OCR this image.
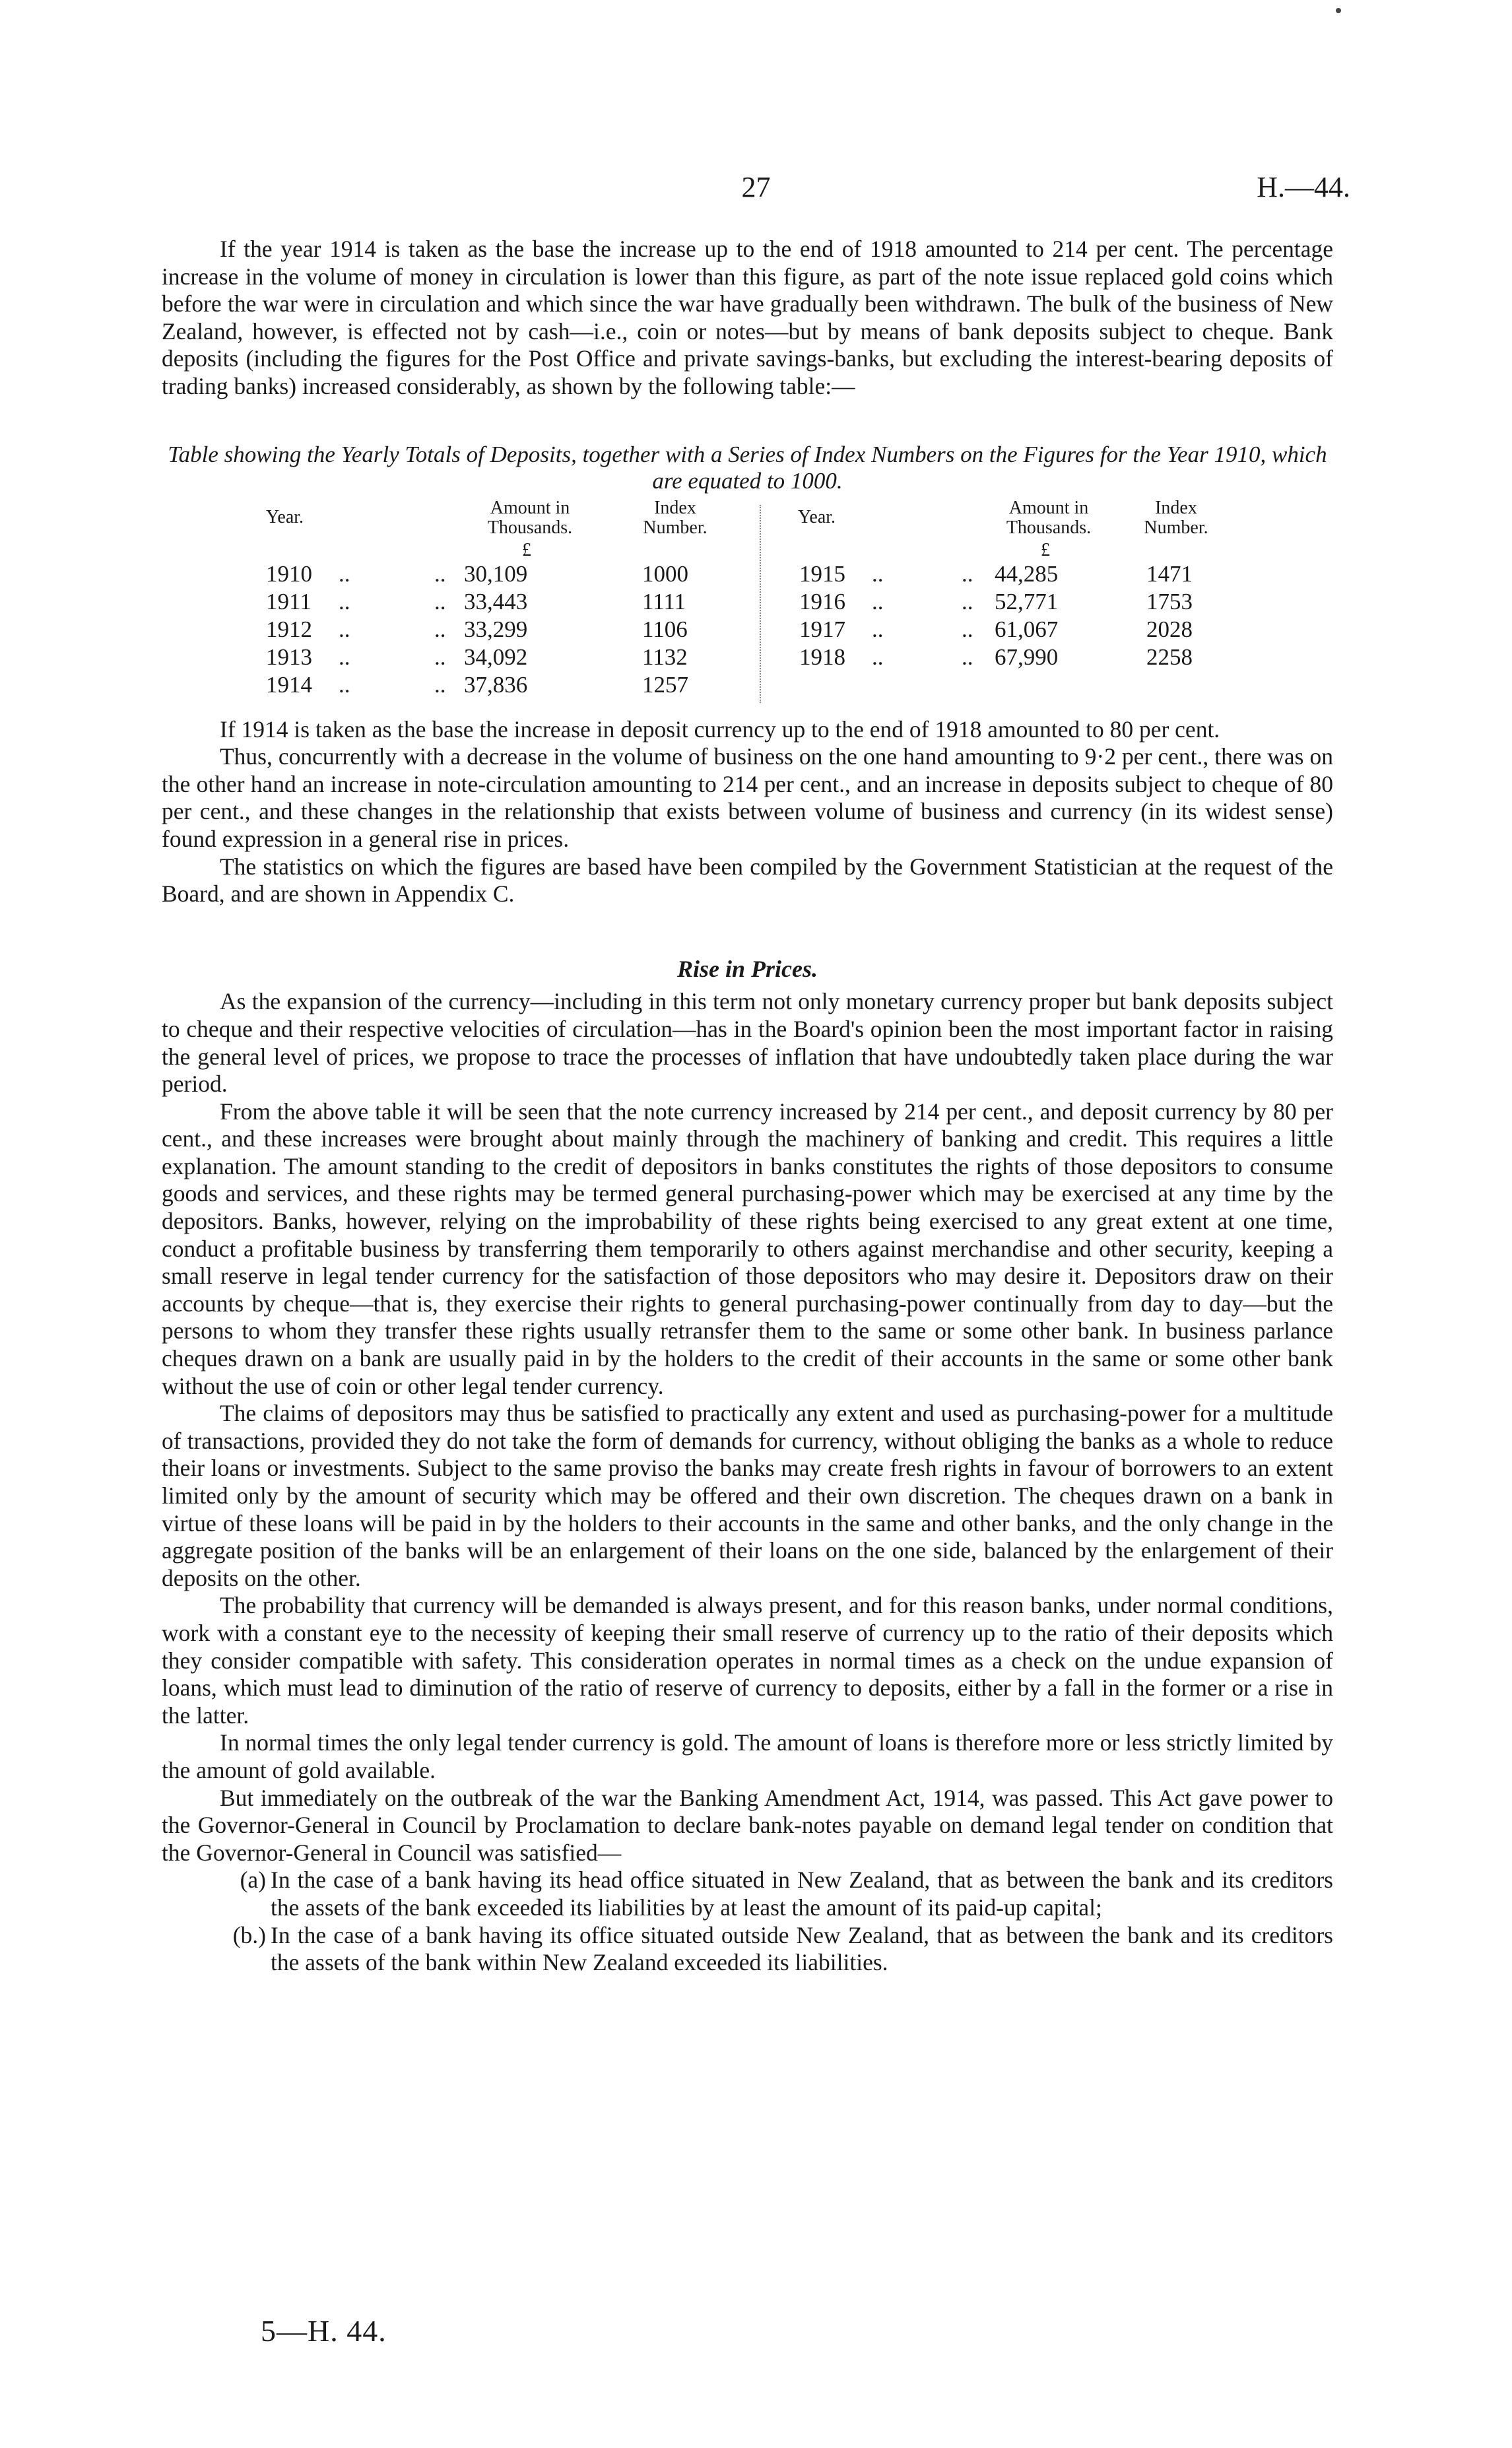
27	H.—44.

If the year 1914 is taken as the base the increase up to the end of 1918 amounted to 214 per cent. The percentage increase in the volume of money in circulation is lower than this figure, as part of the note issue replaced gold coins which before the war were in circulation and which since the war have gradually been withdrawn. The bulk of the business of New Zealand, however, is effected not by cash—i.e., coin or notes—but by means of bank deposits subject to cheque. Bank deposits (including the figures for the Post Office and private savings-banks, but excluding the interest-bearing deposits of trading banks) increased considerably, as shown by the following table:—

Table showing the Yearly Totals of Deposits, together with a Series of Index Numbers on the Figures for the Year 1910, which are equated to 1000.
Year.	Amount in Thousands.
Index Number.
£
1910 ..	.. 30,109	1000
1911 ..	.. 33,443	1111
1912 ..	.. 33,299	1106
1913 ..	.. 34,092	1132
1914 ..	.. 37,836	1257
Year.	Amount in Thousands.
Index Number.
£
1915 ..	.. 44,285	1471
1916 ..	.. 52,771	1753
1917 ..	.. 61,067	2028
1918 ..	.. 67,990	2258

If 1914 is taken as the base the increase in deposit currency up to the end of 1918 amounted to 80 per cent.

Thus, concurrently with a decrease in the volume of business on the one hand amounting to 9·2 per cent., there was on the other hand an increase in note-circulation amounting to 214 per cent., and an increase in deposits subject to cheque of 80 per cent., and these changes in the relationship that exists between volume of business and currency (in its widest sense) found expression in a general rise in prices.

The statistics on which the figures are based have been compiled by the Government Statistician at the request of the Board, and are shown in Appendix C.

Rise in Prices.

As the expansion of the currency—including in this term not only monetary currency proper but bank deposits subject to cheque and their respective velocities of circulation—has in the Board's opinion been the most important factor in raising the general level of prices, we propose to trace the processes of inflation that have undoubtedly taken place during the war period.

From the above table it will be seen that the note currency increased by 214 per cent., and deposit currency by 80 per cent., and these increases were brought about mainly through the machinery of banking and credit. This requires a little explanation. The amount standing to the credit of depositors in banks constitutes the rights of those depositors to consume goods and services, and these rights may be termed general purchasing-power which may be exercised at any time by the depositors. Banks, however, relying on the improbability of these rights being exercised to any great extent at one time, conduct a profitable business by transferring them temporarily to others against merchandise and other security, keeping a small reserve in legal tender currency for the satisfaction of those depositors who may desire it. Depositors draw on their accounts by cheque—that is, they exercise their rights to general purchasing-power continually from day to day—but the persons to whom they transfer these rights usually retransfer them to the same or some other bank. In business parlance cheques drawn on a bank are usually paid in by the holders to the credit of their accounts in the same or some other bank without the use of coin or other legal tender currency.

The claims of depositors may thus be satisfied to practically any extent and used as purchasing-power for a multitude of transactions, provided they do not take the form of demands for currency, without obliging the banks as a whole to reduce their loans or investments. Subject to the same proviso the banks may create fresh rights in favour of borrowers to an extent limited only by the amount of security which may be offered and their own discretion. The cheques drawn on a bank in virtue of these loans will be paid in by the holders to their accounts in the same and other banks, and the only change in the aggregate position of the banks will be an enlargement of their loans on the one side, balanced by the enlargement of their deposits on the other.

The probability that currency will be demanded is always present, and for this reason banks, under normal conditions, work with a constant eye to the necessity of keeping their small reserve of currency up to the ratio of their deposits which they consider compatible with safety. This consideration operates in normal times as a check on the undue expansion of loans, which must lead to diminution of the ratio of reserve of currency to deposits, either by a fall in the former or a rise in the latter.

In normal times the only legal tender currency is gold. The amount of loans is therefore more or less strictly limited by the amount of gold available.

But immediately on the outbreak of the war the Banking Amendment Act, 1914, was passed. This Act gave power to the Governor-General in Council by Proclamation to declare bank-notes payable on demand legal tender on condition that the Governor-General in Council was satisfied—

(a) In the case of a bank having its head office situated in New Zealand, that as between the bank and its creditors the assets of the bank exceeded its liabilities by at least the amount of its paid-up capital;

(b.) In the case of a bank having its office situated outside New Zealand, that as between the bank and its creditors the assets of the bank within New Zealand exceeded its liabilities.

5—H. 44.
